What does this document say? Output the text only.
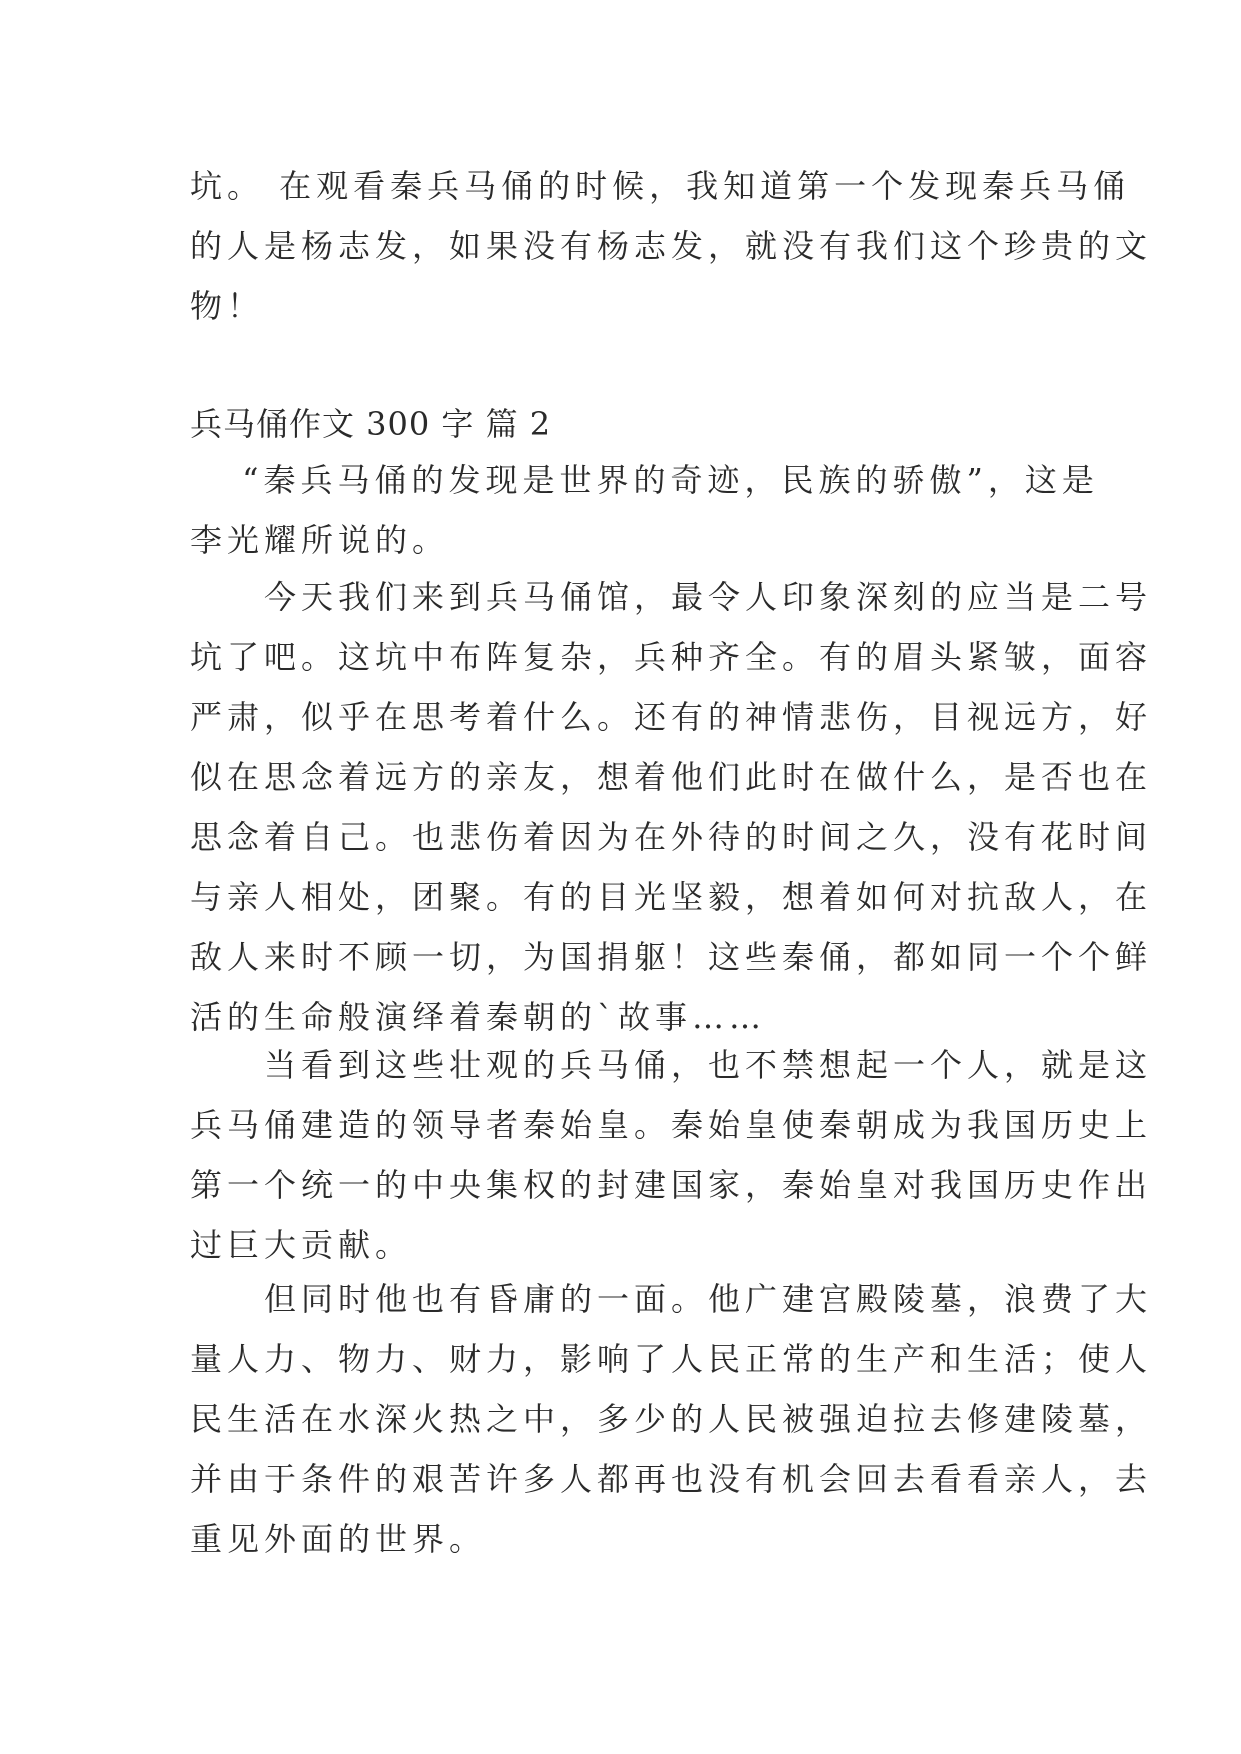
坑。 在观看秦兵马俑的时候，我知道第一个发现秦兵马俑
的人是杨志发，如果没有杨志发，就没有我们这个珍贵的文
物！
兵马俑作文 300 字 篇 2
　 “秦兵马俑的发现是世界的奇迹，民族的骄傲”，这是
李光耀所说的。
　　今天我们来到兵马俑馆，最令人印象深刻的应当是二号
坑了吧。这坑中布阵复杂，兵种齐全。有的眉头紧皱，面容
严肃，似乎在思考着什么。还有的神情悲伤，目视远方，好
似在思念着远方的亲友，想着他们此时在做什么，是否也在
思念着自己。也悲伤着因为在外待的时间之久，没有花时间
与亲人相处，团聚。有的目光坚毅，想着如何对抗敌人，在
敌人来时不顾一切，为国捐躯！这些秦俑，都如同一个个鲜
活的生命般演绎着秦朝的`故事……
　　当看到这些壮观的兵马俑，也不禁想起一个人，就是这
兵马俑建造的领导者秦始皇。秦始皇使秦朝成为我国历史上
第一个统一的中央集权的封建国家，秦始皇对我国历史作出
过巨大贡献。
　　但同时他也有昏庸的一面。他广建宫殿陵墓，浪费了大
量人力、物力、财力，影响了人民正常的生产和生活；使人
民生活在水深火热之中，多少的人民被强迫拉去修建陵墓，
并由于条件的艰苦许多人都再也没有机会回去看看亲人，去
重见外面的世界。
